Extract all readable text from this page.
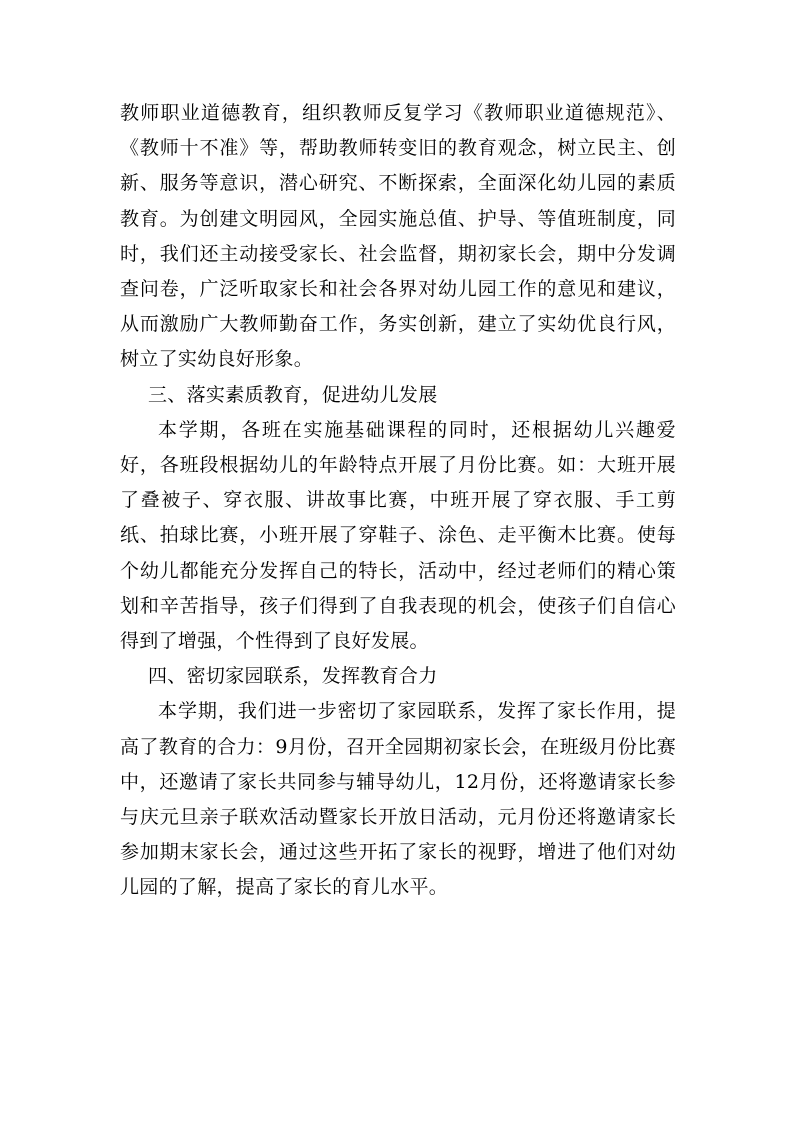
教师职业道德教育，组织教师反复学习《教师职业道德规范》、《教师十不准》等，帮助教师转变旧的教育观念，树立民主、创新、服务等意识，潜心研究、不断探索，全面深化幼儿园的素质教育。为创建文明园风，全园实施总值、护导、等值班制度，同时，我们还主动接受家长、社会监督，期初家长会，期中分发调查问卷，广泛听取家长和社会各界对幼儿园工作的意见和建议，从而激励广大教师勤奋工作，务实创新，建立了实幼优良行风，树立了实幼良好形象。

三、落实素质教育，促进幼儿发展

本学期，各班在实施基础课程的同时，还根据幼儿兴趣爱好，各班段根据幼儿的年龄特点开展了月份比赛。如：大班开展了叠被子、穿衣服、讲故事比赛，中班开展了穿衣服、手工剪纸、拍球比赛，小班开展了穿鞋子、涂色、走平衡木比赛。使每个幼儿都能充分发挥自己的特长，活动中，经过老师们的精心策划和辛苦指导，孩子们得到了自我表现的机会，使孩子们自信心得到了增强，个性得到了良好发展。

四、密切家园联系，发挥教育合力

本学期，我们进一步密切了家园联系，发挥了家长作用，提高了教育的合力：9月份，召开全园期初家长会，在班级月份比赛中，还邀请了家长共同参与辅导幼儿，12月份，还将邀请家长参与庆元旦亲子联欢活动暨家长开放日活动，元月份还将邀请家长参加期末家长会，通过这些开拓了家长的视野，增进了他们对幼儿园的了解，提高了家长的育儿水平。
